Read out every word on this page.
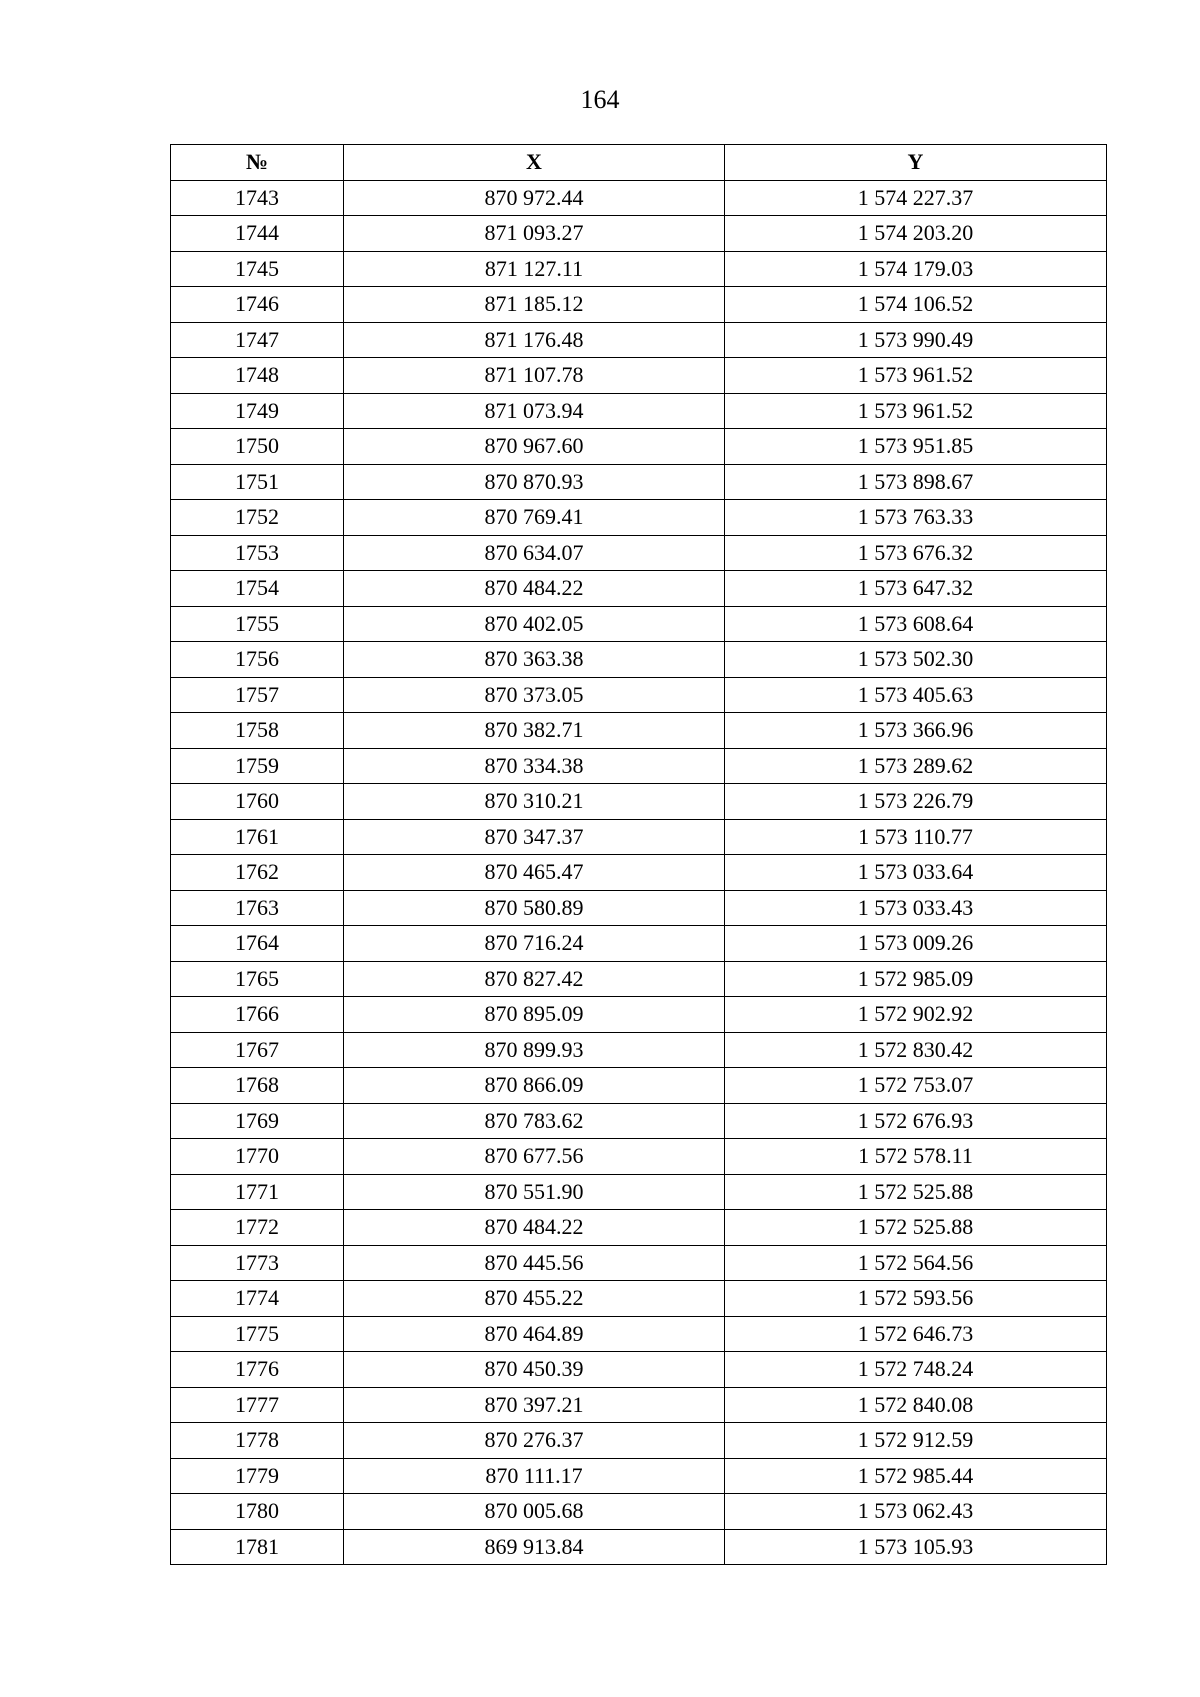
164
№	X	Y
1743	870 972.44	1 574 227.37
1744	871 093.27	1 574 203.20
1745	871 127.11	1 574 179.03
1746	871 185.12	1 574 106.52
1747	871 176.48	1 573 990.49
1748	871 107.78	1 573 961.52
1749	871 073.94	1 573 961.52
1750	870 967.60	1 573 951.85
1751	870 870.93	1 573 898.67
1752	870 769.41	1 573 763.33
1753	870 634.07	1 573 676.32
1754	870 484.22	1 573 647.32
1755	870 402.05	1 573 608.64
1756	870 363.38	1 573 502.30
1757	870 373.05	1 573 405.63
1758	870 382.71	1 573 366.96
1759	870 334.38	1 573 289.62
1760	870 310.21	1 573 226.79
1761	870 347.37	1 573 110.77
1762	870 465.47	1 573 033.64
1763	870 580.89	1 573 033.43
1764	870 716.24	1 573 009.26
1765	870 827.42	1 572 985.09
1766	870 895.09	1 572 902.92
1767	870 899.93	1 572 830.42
1768	870 866.09	1 572 753.07
1769	870 783.62	1 572 676.93
1770	870 677.56	1 572 578.11
1771	870 551.90	1 572 525.88
1772	870 484.22	1 572 525.88
1773	870 445.56	1 572 564.56
1774	870 455.22	1 572 593.56
1775	870 464.89	1 572 646.73
1776	870 450.39	1 572 748.24
1777	870 397.21	1 572 840.08
1778	870 276.37	1 572 912.59
1779	870 111.17	1 572 985.44
1780	870 005.68	1 573 062.43
1781	869 913.84	1 573 105.93
